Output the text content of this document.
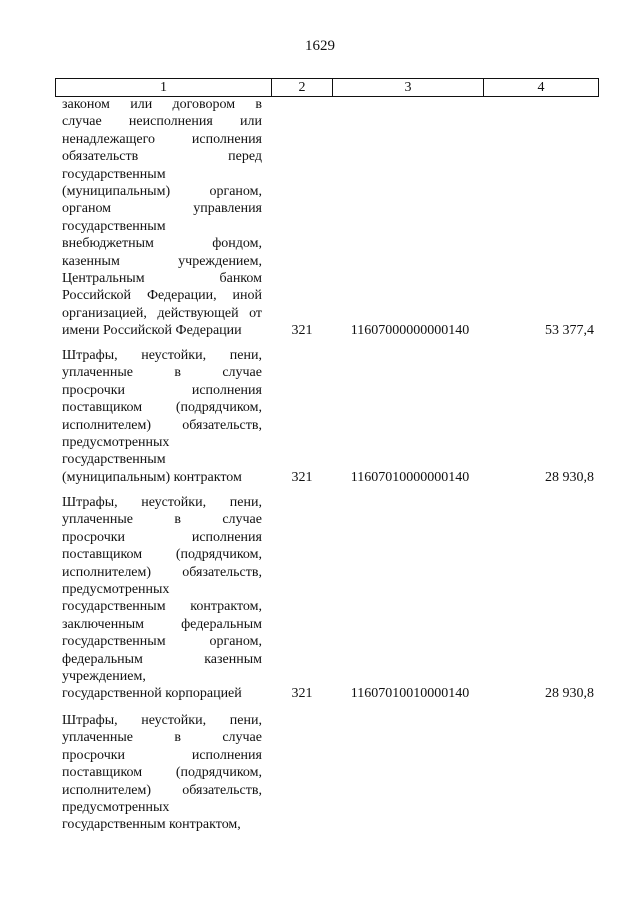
1629
1	2	3	4
законом или договором в
случае неисполнения или
ненадлежащего исполнения
обязательств перед
государственным
(муниципальным) органом,
органом управления
государственным
внебюджетным фондом,
казенным учреждением,
Центральным банком
Российской Федерации, иной
организацией, действующей от
имени Российской Федерации	321	11607000000000140	53 377,4
Штрафы, неустойки, пени,
уплаченные в случае
просрочки исполнения
поставщиком (подрядчиком,
исполнителем) обязательств,
предусмотренных
государственным
(муниципальным) контрактом	321	11607010000000140	28 930,8
Штрафы, неустойки, пени,
уплаченные в случае
просрочки исполнения
поставщиком (подрядчиком,
исполнителем) обязательств,
предусмотренных
государственным контрактом,
заключенным федеральным
государственным органом,
федеральным казенным
учреждением,
государственной корпорацией	321	11607010010000140	28 930,8
Штрафы, неустойки, пени,
уплаченные в случае
просрочки исполнения
поставщиком (подрядчиком,
исполнителем) обязательств,
предусмотренных
государственным контрактом,
